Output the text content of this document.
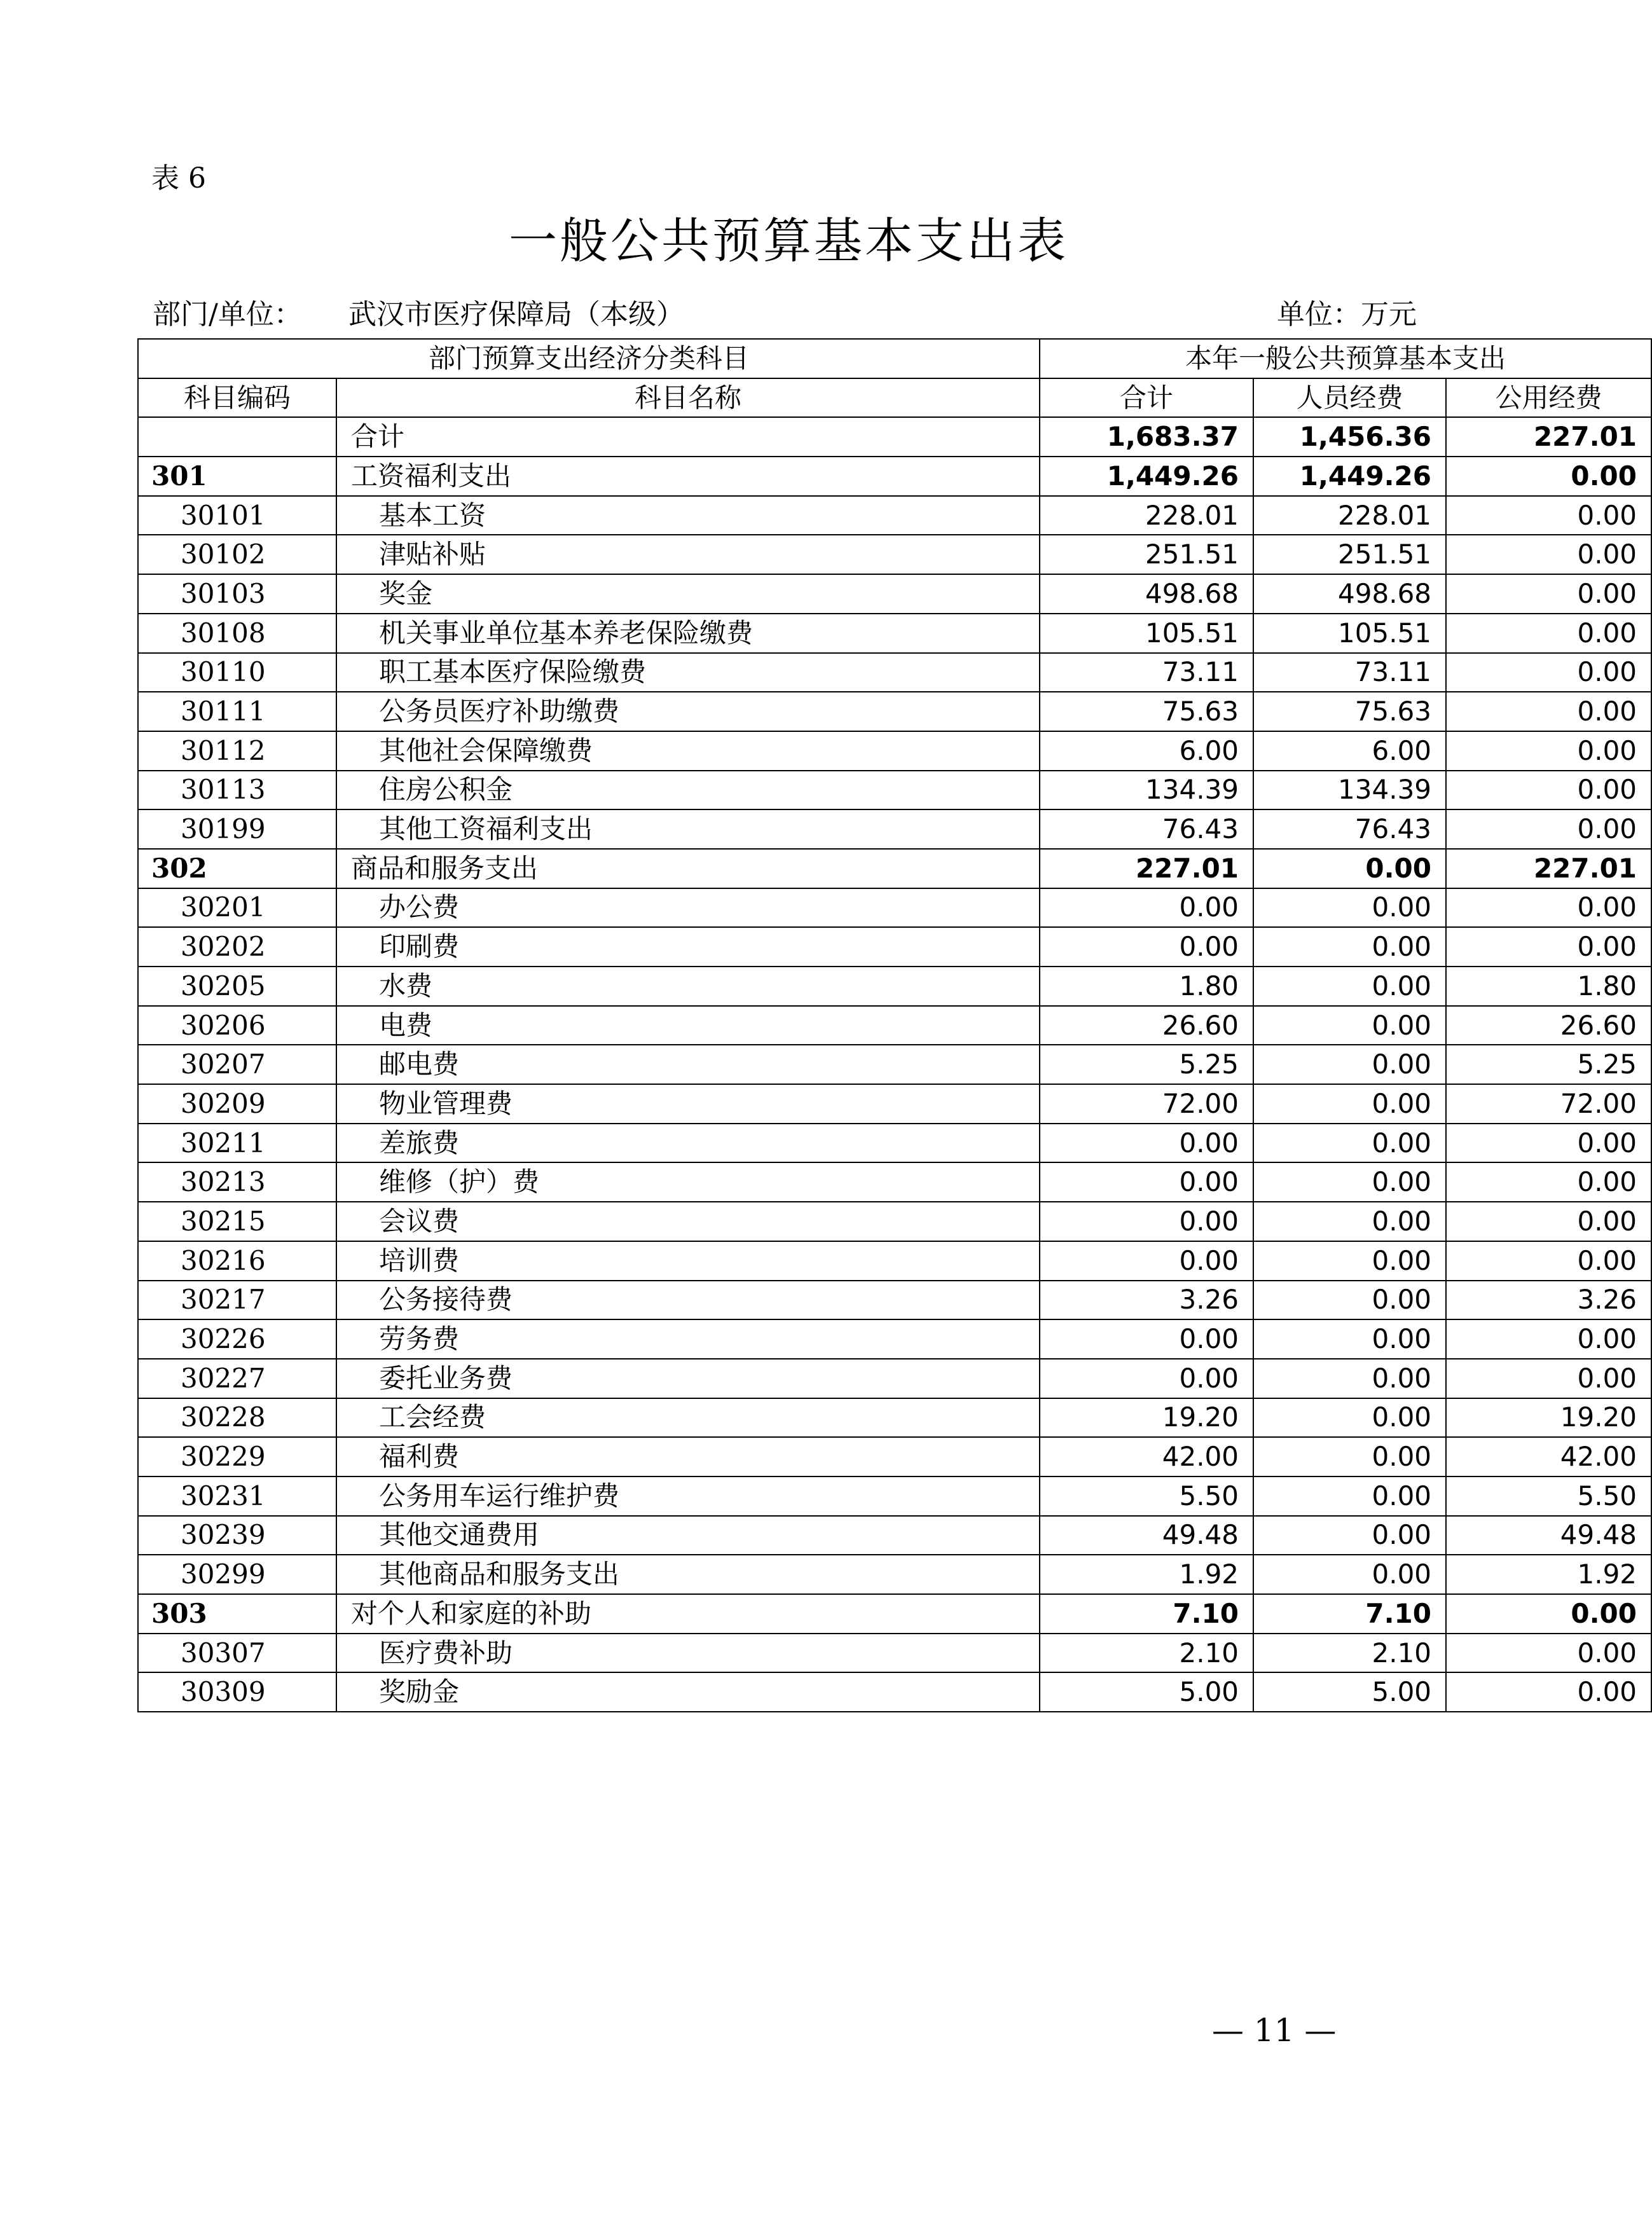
表 6
一般公共预算基本支出表
部门/单位： 武汉市医疗保障局（本级）	单位：万元
部门预算支出经济分类科目		本年一般公共预算基本支出		
科目编码	科目名称	合计	人员经费	公用经费
	合计	1,683.37	1,456.36	227.01
301	工资福利支出	1,449.26	1,449.26	0.00
30101	基本工资	228.01	228.01	0.00
30102	津贴补贴	251.51	251.51	0.00
30103	奖金	498.68	498.68	0.00
30108	机关事业单位基本养老保险缴费	105.51	105.51	0.00
30110	职工基本医疗保险缴费	73.11	73.11	0.00
30111	公务员医疗补助缴费	75.63	75.63	0.00
30112	其他社会保障缴费	6.00	6.00	0.00
30113	住房公积金	134.39	134.39	0.00
30199	其他工资福利支出	76.43	76.43	0.00
302	商品和服务支出	227.01	0.00	227.01
30201	办公费	0.00	0.00	0.00
30202	印刷费	0.00	0.00	0.00
30205	水费	1.80	0.00	1.80
30206	电费	26.60	0.00	26.60
30207	邮电费	5.25	0.00	5.25
30209	物业管理费	72.00	0.00	72.00
30211	差旅费	0.00	0.00	0.00
30213	维修（护）费	0.00	0.00	0.00
30215	会议费	0.00	0.00	0.00
30216	培训费	0.00	0.00	0.00
30217	公务接待费	3.26	0.00	3.26
30226	劳务费	0.00	0.00	0.00
30227	委托业务费	0.00	0.00	0.00
30228	工会经费	19.20	0.00	19.20
30229	福利费	42.00	0.00	42.00
30231	公务用车运行维护费	5.50	0.00	5.50
30239	其他交通费用	49.48	0.00	49.48
30299	其他商品和服务支出	1.92	0.00	1.92
303	对个人和家庭的补助	7.10	7.10	0.00
30307	医疗费补助	2.10	2.10	0.00
30309	奖励金	5.00	5.00	0.00
— 11 —
